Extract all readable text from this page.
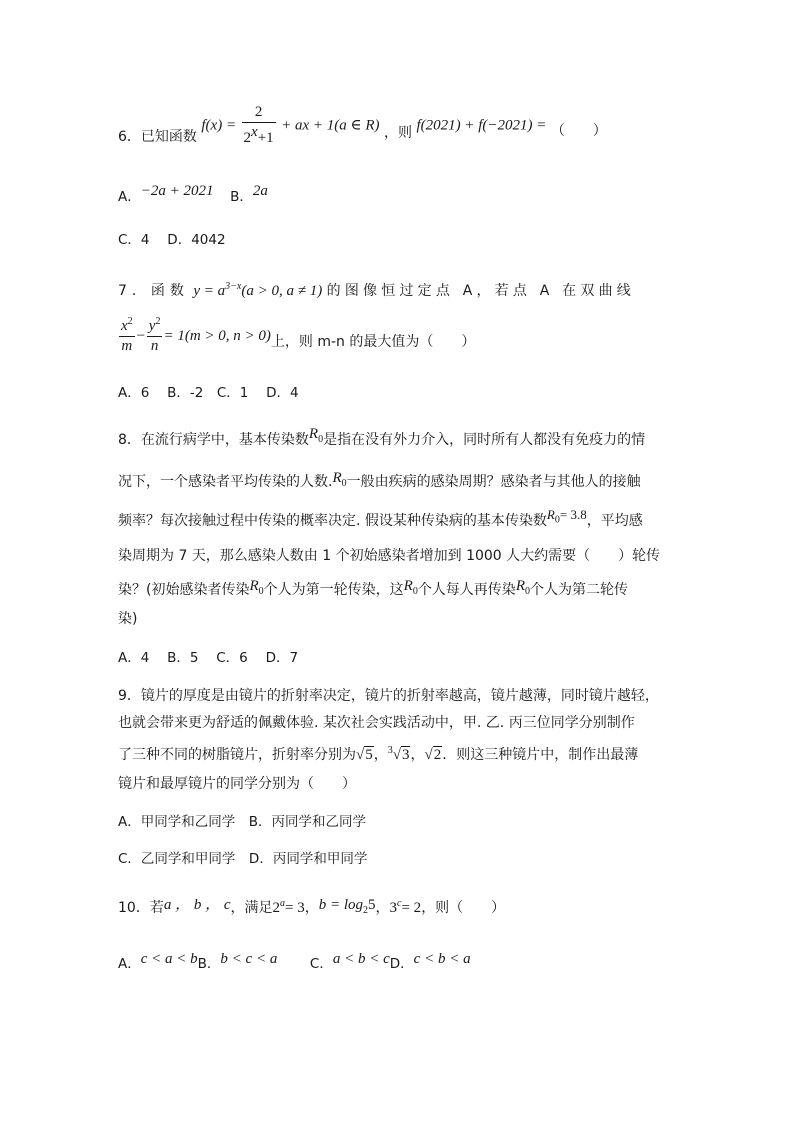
6．已知函数 $f(x) = \frac{2}{2^x+1}$ + ax + 1(a ∈ R) ，则 f(2021) + f(−2021) = （　　）
A．−2a + 2021 B．2a
C．4　 D．4042
7．函数 $y = a^{3-x}(a > 0$, a ≠ 1) 的图像恒过定点 A，若点 A 在双曲线
$\frac{x^2}{m} - \frac{y^2}{n} = 1(m > 0$, n > 0)上，则 m-n 的最大值为（　　）
A．6　 B．-2　C．1　 D．4
8．在流行病学中，基本传染数$R_0$是指在没有外力介入，同时所有人都没有免疫力的情
况下，一个感染者平均传染的人数$.R_0$一般由疾病的感染周期？感染者与其他人的接触
频率？每次接触过程中传染的概率决定. 假设某种传染病的基本传染数$R_0= 3.8$，平均感
染周期为 7 天，那么感染人数由 1 个初始感染者增加到 1000 人大约需要（　　）轮传
染？(初始感染者传染$R_0$个人为第一轮传染，这$R_0$个人每人再传染$R_0$个人为第二轮传
染)
A．4　 B．5　 C．6　 D．7
9．镜片的厚度是由镜片的折射率决定，镜片的折射率越高，镜片越薄，同时镜片越轻，
也就会带来更为舒适的佩戴体验. 某次社会实践活动中，甲. 乙. 丙三位同学分别制作
了三种不同的树脂镜片，折射率分别为√5，$^3$√3，√2．则这三种镜片中，制作出最薄
镜片和最厚镜片的同学分别为（　　）
A．甲同学和乙同学　B．丙同学和乙同学
C．乙同学和甲同学　D．丙同学和甲同学
10．若a ， b ， c，满足$2^a= 3$，$b = \log_25$，$3^c= 2$，则（　　）
A．c < a < bB．b < c < a C．a < b < cD．c < b < a
